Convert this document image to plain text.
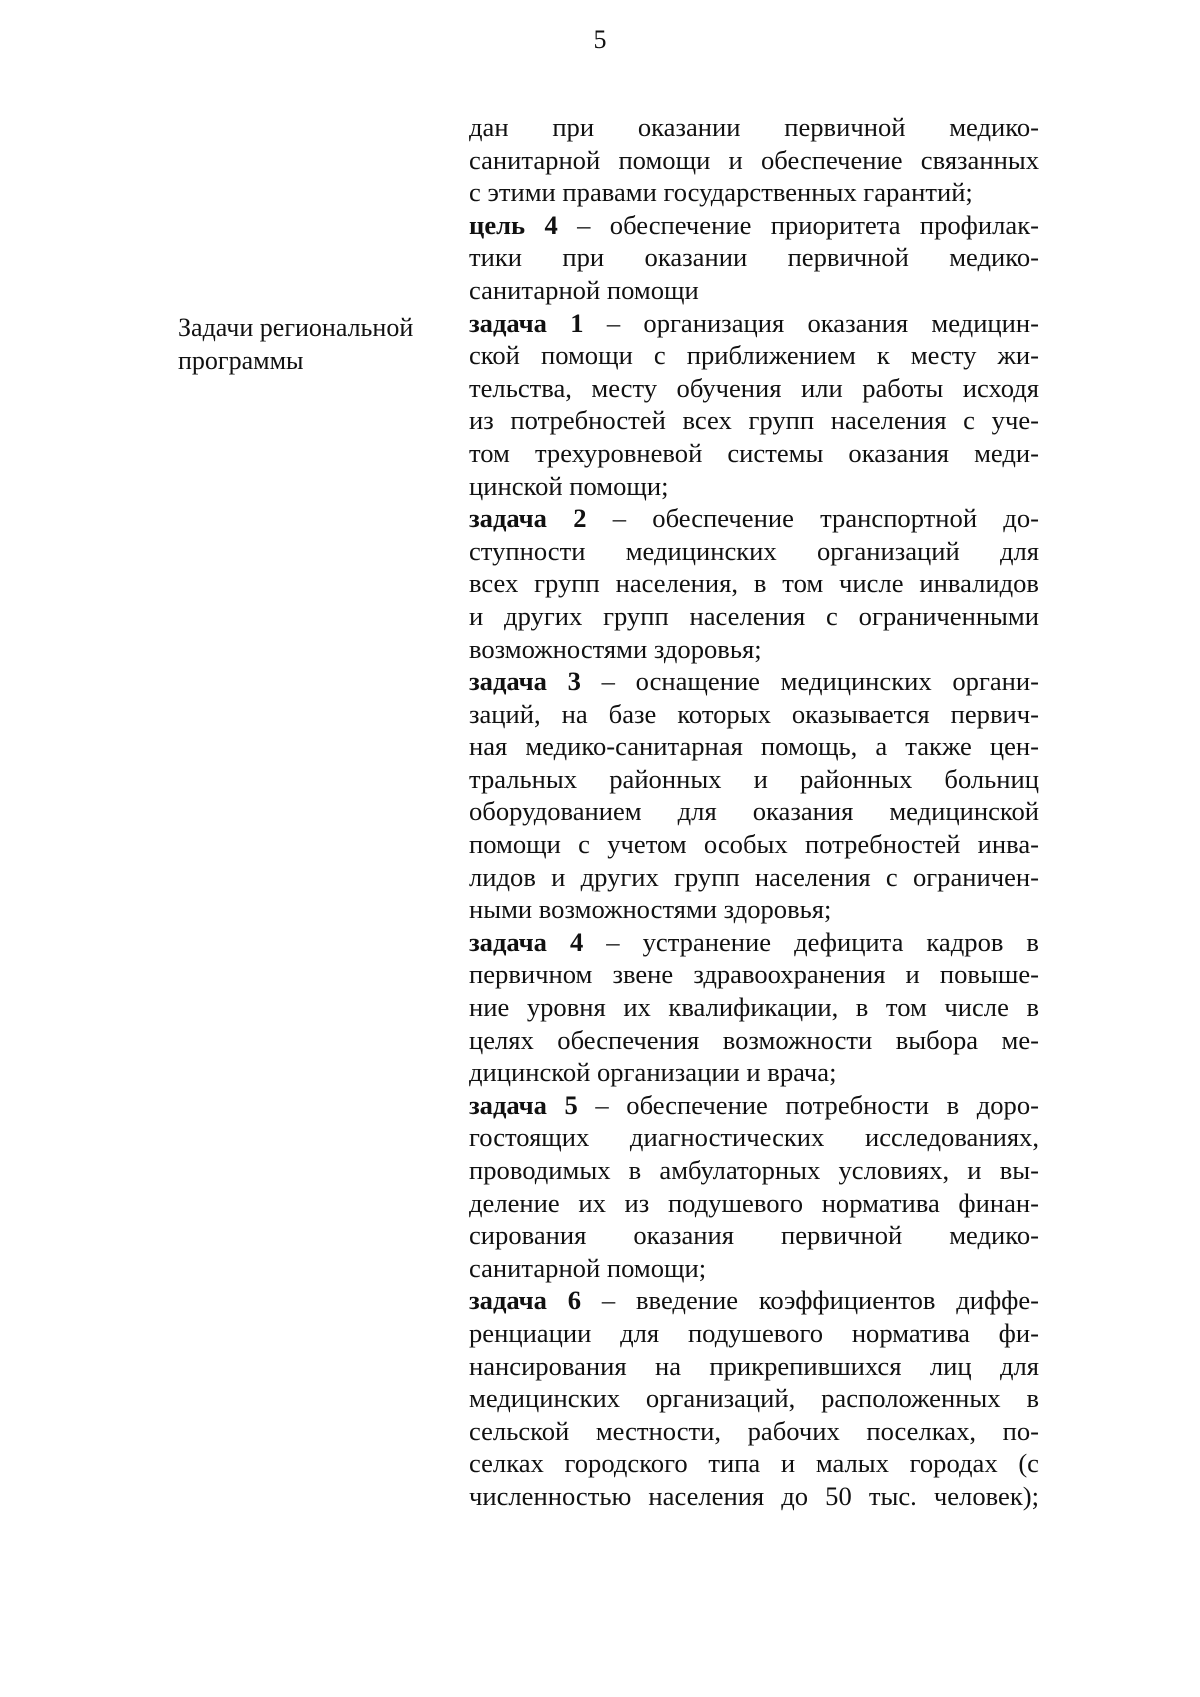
5
Задачи региональной
программы
дан при оказании первичной медико-
санитарной помощи и обеспечение связанных
с этими правами государственных гарантий;
цель 4 – обеспечение приоритета профилак-
тики при оказании первичной медико-
санитарной помощи
задача 1 – организация оказания медицин-
ской помощи с приближением к месту жи-
тельства, месту обучения или работы исходя
из потребностей всех групп населения с уче-
том трехуровневой системы оказания меди-
цинской помощи;
задача 2 – обеспечение транспортной до-
ступности медицинских организаций для
всех групп населения, в том числе инвалидов
и других групп населения с ограниченными
возможностями здоровья;
задача 3 – оснащение медицинских органи-
заций, на базе которых оказывается первич-
ная медико-санитарная помощь, а также цен-
тральных районных и районных больниц
оборудованием для оказания медицинской
помощи с учетом особых потребностей инва-
лидов и других групп населения с ограничен-
ными возможностями здоровья;
задача 4 – устранение дефицита кадров в
первичном звене здравоохранения и повыше-
ние уровня их квалификации, в том числе в
целях обеспечения возможности выбора ме-
дицинской организации и врача;
задача 5 – обеспечение потребности в доро-
гостоящих диагностических исследованиях,
проводимых в амбулаторных условиях, и вы-
деление их из подушевого норматива финан-
сирования оказания первичной медико-
санитарной помощи;
задача 6 – введение коэффициентов диффе-
ренциации для подушевого норматива фи-
нансирования на прикрепившихся лиц для
медицинских организаций, расположенных в
сельской местности, рабочих поселках, по-
селках городского типа и малых городах (с
численностью населения до 50 тыс. человек);
